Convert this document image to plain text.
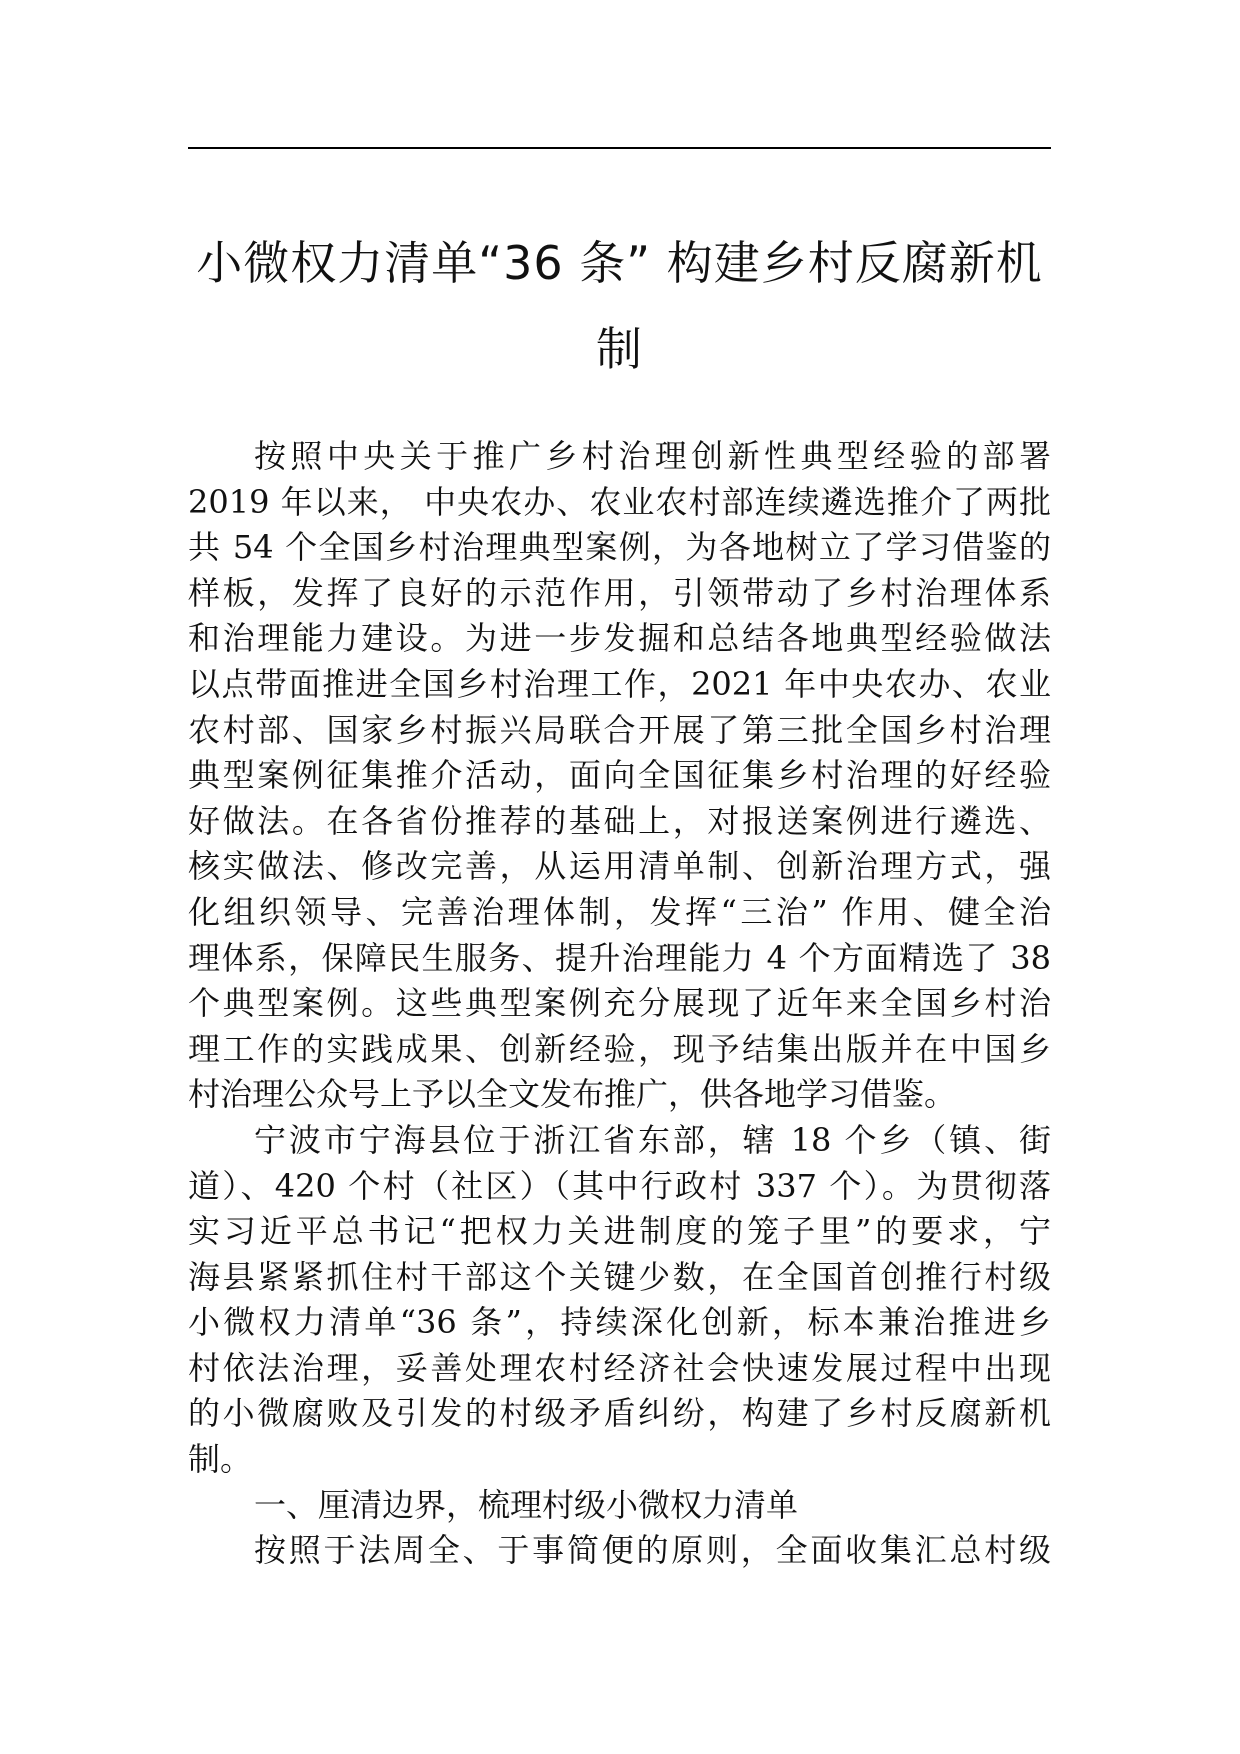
小微权力清单“36 条” 构建乡村反腐新机
制
按照中央关于推广乡村治理创新性典型经验的部署
2019 年以来， 中央农办、农业农村部连续遴选推介了两批
共 54 个全国乡村治理典型案例，为各地树立了学习借鉴的
样板，发挥了良好的示范作用，引领带动了乡村治理体系
和治理能力建设。为进一步发掘和总结各地典型经验做法
以点带面推进全国乡村治理工作，2021 年中央农办、农业
农村部、国家乡村振兴局联合开展了第三批全国乡村治理
典型案例征集推介活动，面向全国征集乡村治理的好经验
好做法。在各省份推荐的基础上，对报送案例进行遴选、
核实做法、修改完善，从运用清单制、创新治理方式，强
化组织领导、完善治理体制，发挥“三治” 作用、健全治
理体系，保障民生服务、提升治理能力 4 个方面精选了 38
个典型案例。这些典型案例充分展现了近年来全国乡村治
理工作的实践成果、创新经验，现予结集出版并在中国乡
村治理公众号上予以全文发布推广，供各地学习借鉴。
宁波市宁海县位于浙江省东部，辖 18 个乡（镇、街
道）、420 个村（社区）（其中行政村 337 个）。为贯彻落
实习近平总书记“把权力关进制度的笼子里”的要求，宁
海县紧紧抓住村干部这个关键少数，在全国首创推行村级
小微权力清单“36 条”，持续深化创新，标本兼治推进乡
村依法治理，妥善处理农村经济社会快速发展过程中出现
的小微腐败及引发的村级矛盾纠纷，构建了乡村反腐新机
制。
一、厘清边界，梳理村级小微权力清单
按照于法周全、于事简便的原则，全面收集汇总村级
